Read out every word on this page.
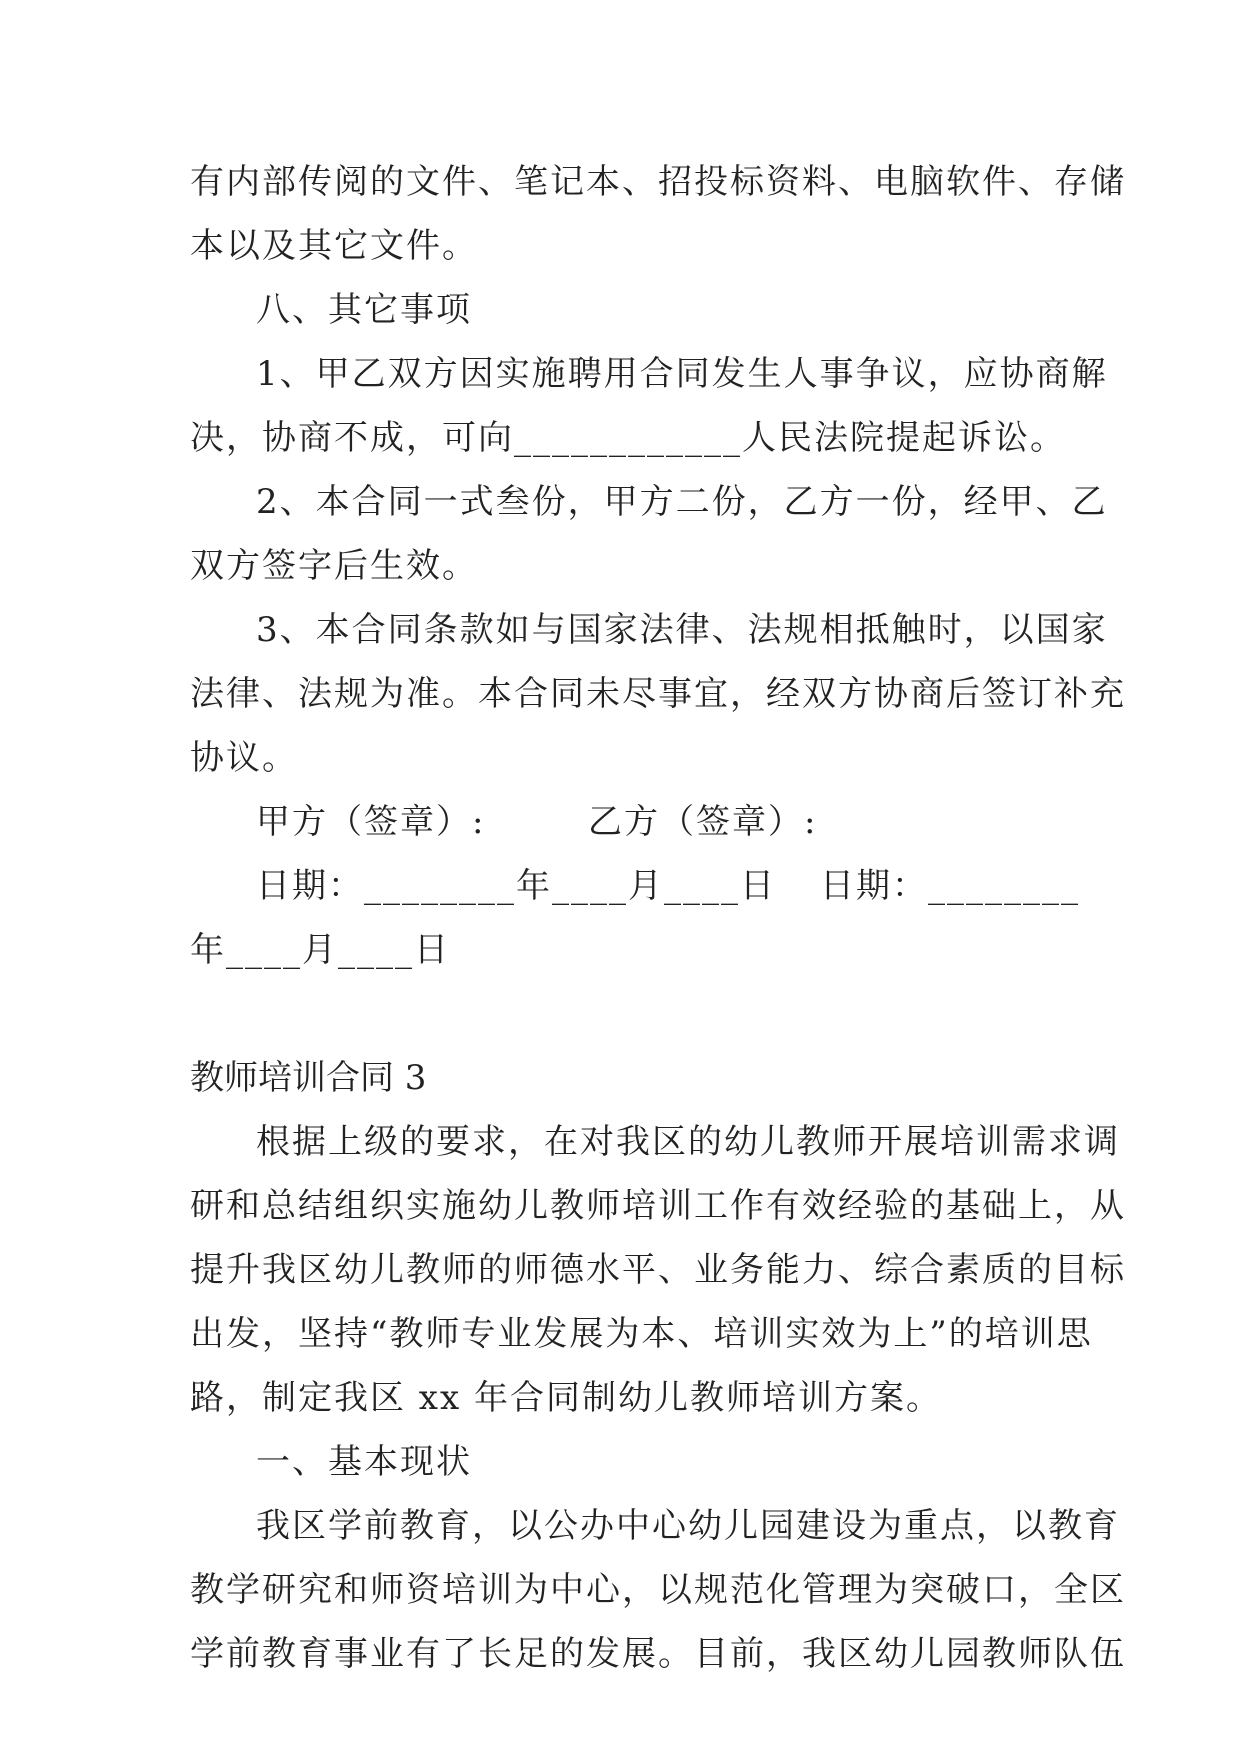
有内部传阅的文件、笔记本、招投标资料、电脑软件、存储

本以及其它文件。

八、其它事项

1、甲乙双方因实施聘用合同发生人事争议，应协商解

决，协商不成，可向____________人民法院提起诉讼。

2、本合同一式叁份，甲方二份，乙方一份，经甲、乙

双方签字后生效。

3、本合同条款如与国家法律、法规相抵触时，以国家

法律、法规为准。本合同未尽事宜，经双方协商后签订补充

协议。

甲方（签章）:	乙方（签章）:
日期：________年____月____日 日期：________

年____月____日

教师培训合同 3

根据上级的要求，在对我区的幼儿教师开展培训需求调

研和总结组织实施幼儿教师培训工作有效经验的基础上，从

提升我区幼儿教师的师德水平、业务能力、综合素质的目标

出发，坚持“教师专业发展为本、培训实效为上”的培训思

路，制定我区 xx 年合同制幼儿教师培训方案。

一、基本现状

我区学前教育，以公办中心幼儿园建设为重点，以教育

教学研究和师资培训为中心，以规范化管理为突破口，全区

学前教育事业有了长足的发展。目前，我区幼儿园教师队伍
